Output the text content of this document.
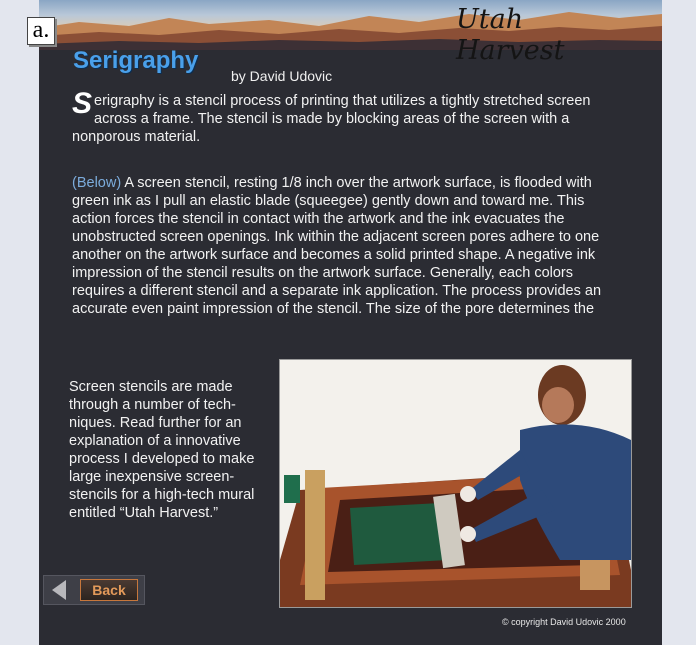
Utah Harvest
a.
Serigraphy
by David Udovic
Serigraphy is a stencil process of printing that utilizes a tightly stretched screen across a frame. The stencil is made by blocking areas of the screen with a nonporous material.
(Below) A screen stencil, resting 1/8 inch over the artwork surface, is flooded with green ink as I pull an elastic blade (squeegee) gently down and toward me. This action forces the stencil in contact with the artwork and the ink evacuates the unobstructed screen openings. Ink within the adjacent screen pores adhere to one another on the artwork surface and becomes a solid printed shape. A negative ink impression of the stencil results on the artwork surface. Generally, each colors requires a different stencil and a separate ink application. The process provides an accurate even paint impression of the stencil. The size of the pore determines the
Screen stencils are made through a number of tech-niques. Read further for an explanation of a innovative process I developed to make large inexpensive screen-stencils for a high-tech mural entitled “Utah Harvest.”
Back
© copyright David Udovic 2000
